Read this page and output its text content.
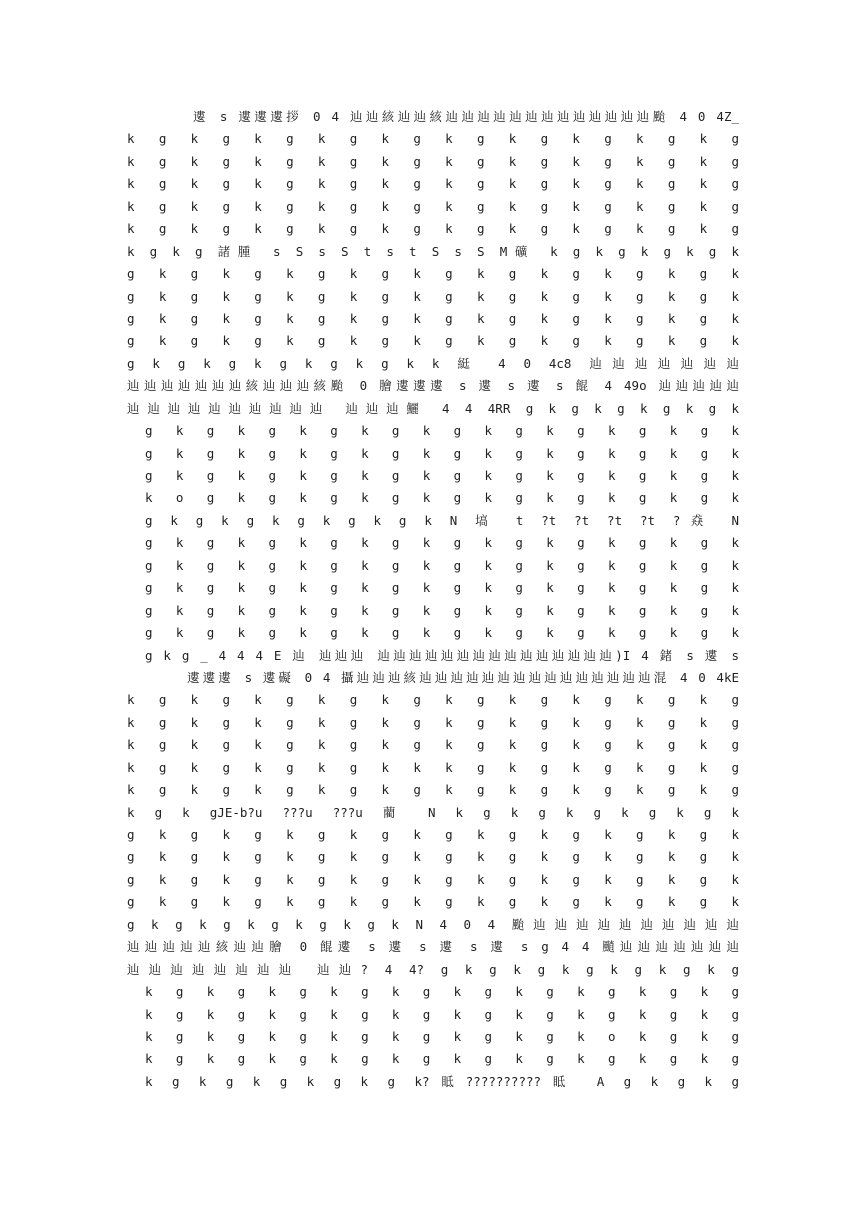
遱 s 遱遱遱拶 0 4 辿辿絯辿辿絯辿辿辿辿辿辿辿辿辿辿辿辿辿颱 4 0 4Z_
k g k g k g k g k g k g k g k g k g k g
k g k g k g k g k g k g k g k g k g k g
k g k g k g k g k g k g k g k g k g k g
k g k g k g k g k g k g k g k g k g k g
k g k g k g k g k g k g k g k g k g k g
k g k g 諸腫 s S s S t s t S s S M礦 k g k g k g k g k
g k g k g k g k g k g k g k g k g k g k
g k g k g k g k g k g k g k g k g k g k
g k g k g k g k g k g k g k g k g k g k
g k g k g k g k g k g k g k g k g k g k
g k g k g k g k g k g k k 綎 4 0 4c8 辿辿辿辿辿辿辿
辿辿辿辿辿辿辿絯辿辿辿絯颱 0 膾遱遱遱 s 遱 s 遱 s 餛 4 49o 辿辿辿辿辿
辿辿辿辿辿辿辿辿辿辿 辿辿辿鱺 4 4 4RR g k g k g k g k g k
g k g k g k g k g k g k g k g k g k g k
g k g k g k g k g k g k g k g k g k g k
g k g k g k g k g k g k g k g k g k g k
k o g k g k g k g k g k g k g k g k g k
g k g k g k g k g k g k N 塙 t ?t ?t ?t ?t ?猋 N
g k g k g k g k g k g k g k g k g k g k
g k g k g k g k g k g k g k g k g k g k
g k g k g k g k g k g k g k g k g k g k
g k g k g k g k g k g k g k g k g k g k
g k g k g k g k g k g k g k g k g k g k
g k g _ 4 4 4 E 辿 辿辿辿 辿辿辿辿辿辿辿辿辿辿辿辿辿辿辿)I 4 鍺 s 遱 s
遱遱遱 s 遱礙 0 4 攝辿辿辿絯辿辿辿辿辿辿辿辿辿辿辿辿辿辿辿混 4 0 4kE
k g k g k g k g k g k g k g k g k g k g
k g k g k g k g k g k g k g k g k g k g
k g k g k g k g k g k g k g k g k g k g
k g k g k g k g k k k g k g k g k g k g
k g k g k g k g k g k g k g k g k g k g
k g k gJE-b?u ???u ???u 藺 N k g k g k g k g k g k
g k g k g k g k g k g k g k g k g k g k
g k g k g k g k g k g k g k g k g k g k
g k g k g k g k g k g k g k g k g k g k
g k g k g k g k g k g k g k g k g k g k
g k g k g k g k g k g k N 4 0 4 颱辿辿辿辿辿辿辿辿辿辿
辿辿辿辿辿絯辿辿膾 0 餛遱 s 遱 s 遱 s 遱 s g 4 4 颵辿辿辿辿辿辿辿
辿辿辿辿辿辿辿辿 辿辿? 4 4? g k g k g k g k g k g k g
k g k g k g k g k g k g k g k g k g k g
k g k g k g k g k g k g k g k g k g k g
k g k g k g k g k g k g k g k o k g k g
k g k g k g k g k g k g k g k g k g k g
k g k g k g k g k g k?眡??????????眡 A g k g k g
